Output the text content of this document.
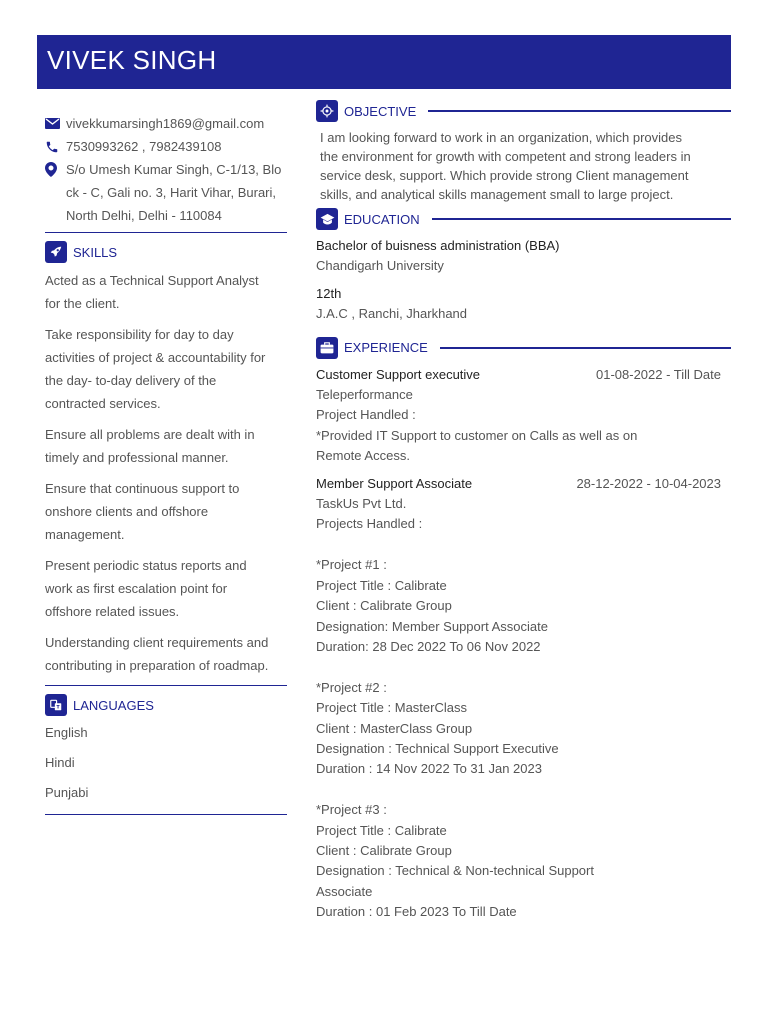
VIVEK SINGH
vivekkumarsingh1869@gmail.com
7530993262 , 7982439108
S/o Umesh Kumar Singh, C-1/13, Blo
ck - C, Gali no. 3, Harit Vihar, Burari,
North Delhi, Delhi - 110084
SKILLS

Acted as a Technical Support Analyst
for the client.

Take responsibility for day to day
activities of project & accountability for
the day- to-day delivery of the
contracted services.

Ensure all problems are dealt with in
timely and professional manner.

Ensure that continuous support to
onshore clients and offshore
management.

Present periodic status reports and
work as first escalation point for
offshore related issues.

Understanding client requirements and
contributing in preparation of roadmap.

LANGUAGES

English

Hindi

Punjabi

OBJECTIVE

I am looking forward to work in an organization, which provides

the environment for growth with competent and strong leaders in

service desk, support. Which provide strong Client management

skills, and analytical skills management small to large project.

EDUCATION

Bachelor of buisness administration (BBA)

Chandigarh University

12th

J.A.C , Ranchi, Jharkhand

EXPERIENCE
Customer Support executive	01-08-2022 - Till Date

Teleperformance

Project Handled :

*Provided IT Support to customer on Calls as well as on

Remote Access.

Member Support Associate	28-12-2022 - 10-04-2023

TaskUs Pvt Ltd.

Projects Handled :

*Project #1 :

Project Title : Calibrate

Client : Calibrate Group

Designation: Member Support Associate

Duration: 28 Dec 2022 To 06 Nov 2022

*Project #2 :

Project Title : MasterClass

Client : MasterClass Group

Designation : Technical Support Executive

Duration : 14 Nov 2022 To 31 Jan 2023

*Project #3 :

Project Title : Calibrate

Client : Calibrate Group

Designation : Technical & Non-technical Support

Associate

Duration : 01 Feb 2023 To Till Date
